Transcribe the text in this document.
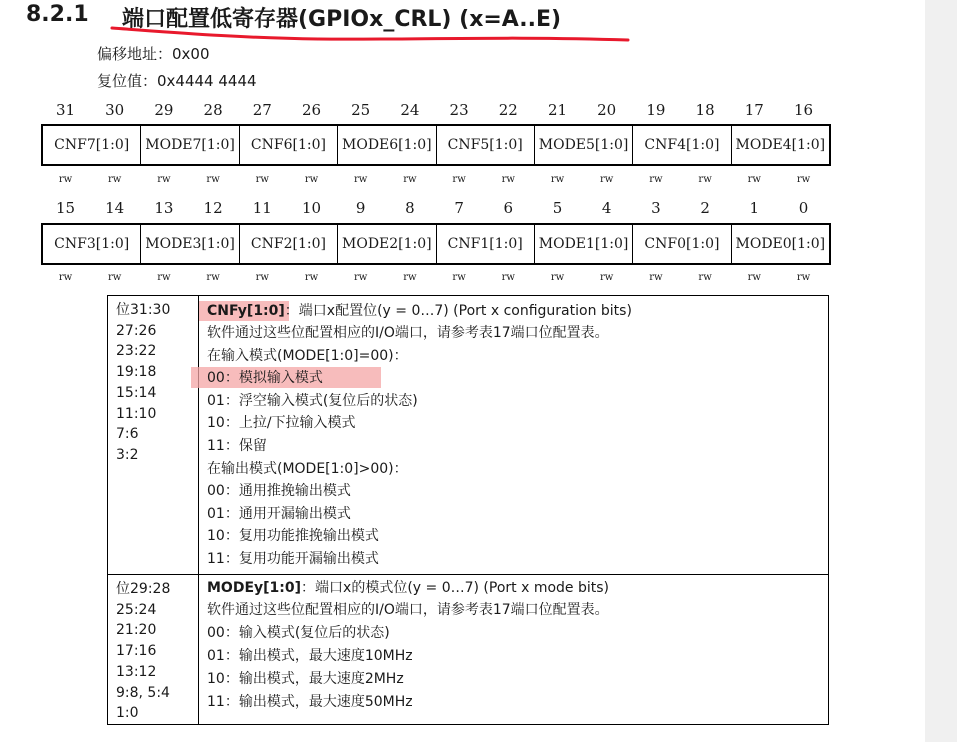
8.2.1 端口配置低寄存器(GPIOx_CRL) (x=A..E)
偏移地址：0x00
复位值：0x4444 4444
31	30	29	28	27	26	25	24	23	22	21	20	19	18	17	16
CNF7[1:0]	MODE7[1:0]	CNF6[1:0]	MODE6[1:0]	CNF5[1:0]	MODE5[1:0]	CNF4[1:0]	MODE4[1:0]
rw	rw	rw	rw	rw	rw	rw	rw	rw	rw	rw	rw	rw	rw	rw	rw
15	14	13	12	11	10	9	8	7	6	5	4	3	2	1	0
CNF3[1:0]	MODE3[1:0]	CNF2[1:0]	MODE2[1:0]	CNF1[1:0]	MODE1[1:0]	CNF0[1:0]	MODE0[1:0]
rw	rw	rw	rw	rw	rw	rw	rw	rw	rw	rw	rw	rw	rw	rw	rw
位31:30
27:26
23:22
19:18
15:14
11:10
7:6
3:2
CNFy[1:0]：端口x配置位(y = 0…7) (Port x configuration bits)
软件通过这些位配置相应的I/O端口，请参考表17端口位配置表。
在输入模式(MODE[1:0]=00)：
00：模拟输入模式
01：浮空输入模式(复位后的状态)
10：上拉/下拉输入模式
11：保留
在输出模式(MODE[1:0]>00)：
00：通用推挽输出模式
01：通用开漏输出模式
10：复用功能推挽输出模式
11：复用功能开漏输出模式
位29:28
25:24
21:20
17:16
13:12
9:8, 5:4
1:0
MODEy[1:0]：端口x的模式位(y = 0…7) (Port x mode bits)
软件通过这些位配置相应的I/O端口，请参考表17端口位配置表。
00：输入模式(复位后的状态)
01：输出模式，最大速度10MHz
10：输出模式，最大速度2MHz
11：输出模式，最大速度50MHz
